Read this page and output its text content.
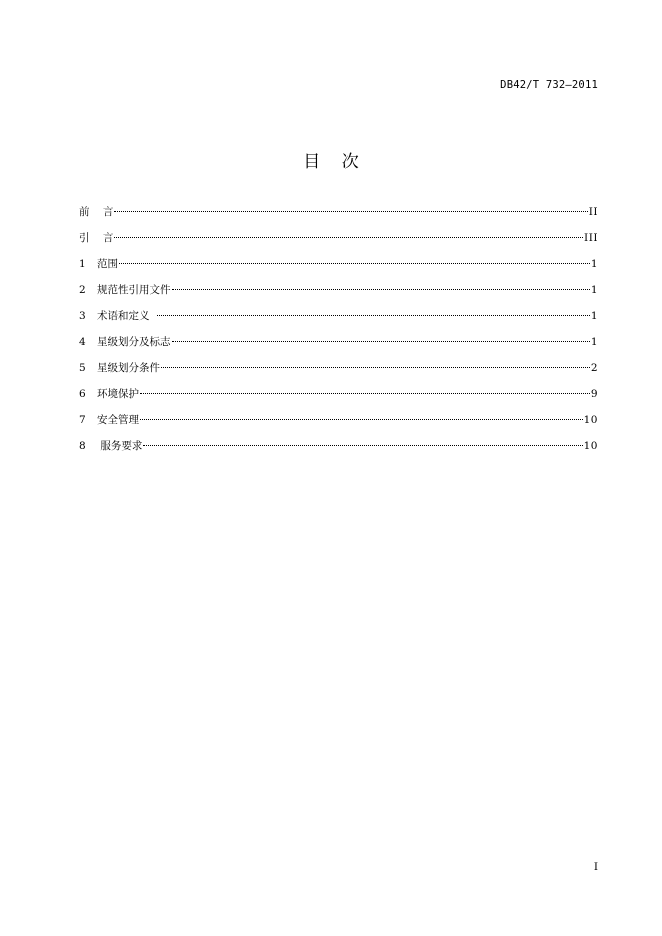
DB42/T 732—2011
目    次
前    言	II
引    言	III
1	范围	1
2	规范性引用文件	1
3	术语和定义	1
4	星级划分及标志	1
5	星级划分条件	2
6	环境保护	9
7	安全管理	10
8	服务要求	10
I
